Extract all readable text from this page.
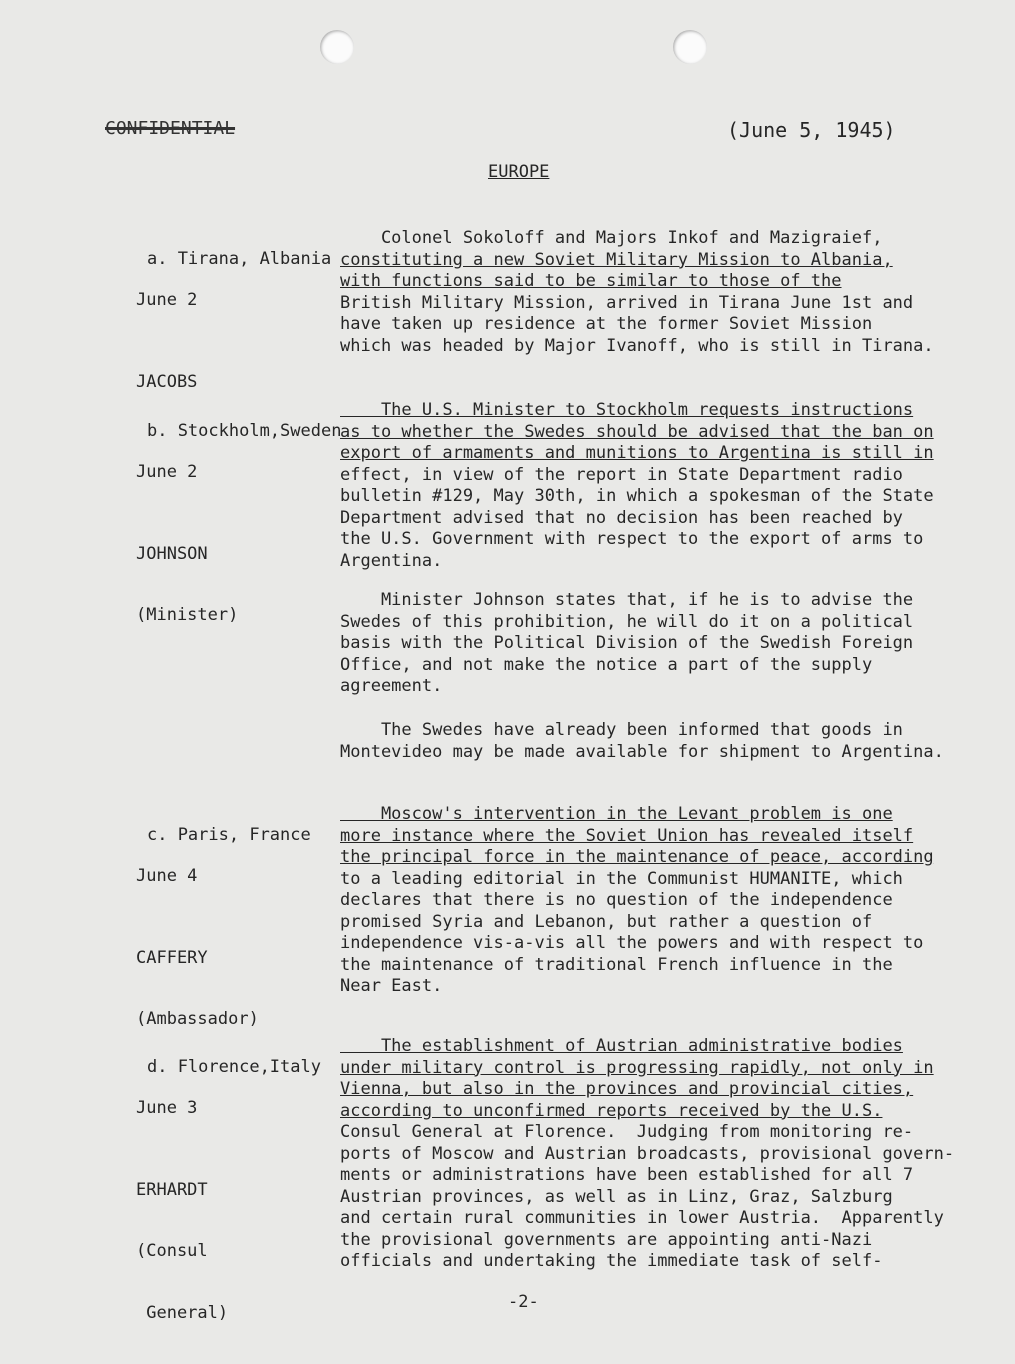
CONFIDENTIAL	(June 5, 1945)
EUROPE

a. Tirana, Albania

June 2

JACOBS

Colonel Sokoloff and Majors Inkof and Mazigraief,
constituting a new Soviet Military Mission to Albania,
with functions said to be similar to those of the
British Military Mission, arrived in Tirana June 1st and
have taken up residence at the former Soviet Mission
which was headed by Major Ivanoff, who is still in Tirana.

b. Stockholm,Sweden

June 2

JOHNSON

(Minister)

The U.S. Minister to Stockholm requests instructions
as to whether the Swedes should be advised that the ban on
export of armaments and munitions to Argentina is still in
effect, in view of the report in State Department radio
bulletin #129, May 30th, in which a spokesman of the State
Department advised that no decision has been reached by
the U.S. Government with respect to the export of arms to
Argentina.
Minister Johnson states that, if he is to advise the
Swedes of this prohibition, he will do it on a political
basis with the Political Division of the Swedish Foreign
Office, and not make the notice a part of the supply
agreement.
The Swedes have already been informed that goods in
Montevideo may be made available for shipment to Argentina.

c. Paris, France

June 4

CAFFERY

(Ambassador)

Moscow's intervention in the Levant problem is one
more instance where the Soviet Union has revealed itself
the principal force in the maintenance of peace, according
to a leading editorial in the Communist HUMANITE, which
declares that there is no question of the independence
promised Syria and Lebanon, but rather a question of
independence vis-a-vis all the powers and with respect to
the maintenance of traditional French influence in the
Near East.

d. Florence,Italy

June 3

ERHARDT

(Consul

General)

The establishment of Austrian administrative bodies
under military control is progressing rapidly, not only in
Vienna, but also in the provinces and provincial cities,
according to unconfirmed reports received by the U.S.
Consul General at Florence.  Judging from monitoring re-
ports of Moscow and Austrian broadcasts, provisional govern-
ments or administrations have been established for all 7
Austrian provinces, as well as in Linz, Graz, Salzburg
and certain rural communities in lower Austria.  Apparently
the provisional governments are appointing anti-Nazi
officials and undertaking the immediate task of self-
-2-
